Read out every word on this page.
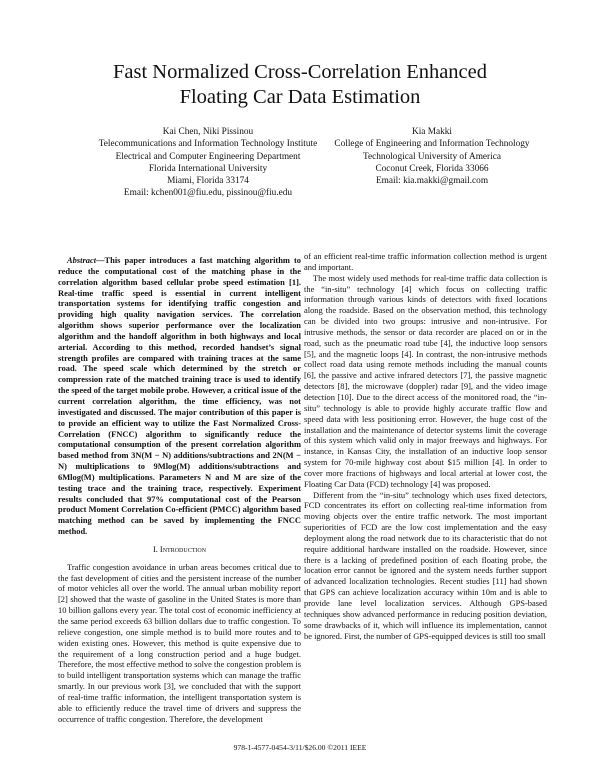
Fast Normalized Cross-Correlation Enhanced
Floating Car Data Estimation
Kai Chen, Niki Pissinou
Telecommunications and Information Technology Institute
Electrical and Computer Engineering Department
Florida International University
Miami, Florida 33174
Email: kchen001@fiu.edu, pissinou@fiu.edu
Kia Makki
College of Engineering and Information Technology
Technological University of America
Coconut Creek, Florida 33066
Email: kia.makki@gmail.com

Abstract—This paper introduces a fast matching algorithm to reduce the computational cost of the matching phase in the correlation algorithm based cellular probe speed estimation [1]. Real-time traffic speed is essential in current intelligent transportation systems for identifying traffic congestion and providing high quality navigation services. The correlation algorithm shows superior performance over the localization algorithm and the handoff algorithm in both highways and local arterial. According to this method, recorded handset’s signal strength profiles are compared with training traces at the same road. The speed scale which determined by the stretch or compression rate of the matched training trace is used to identify the speed of the target mobile probe. However, a critical issue of the current correlation algorithm, the time efficiency, was not investigated and discussed. The major contribution of this paper is to provide an efficient way to utilize the Fast Normalized Cross-Correlation (FNCC) algorithm to significantly reduce the computational consumption of the present correlation algorithm based method from 3N(M − N) additions/subtractions and 2N(M − N) multiplications to 9Mlog(M) additions/subtractions and 6Mlog(M) multiplications. Parameters N and M are size of the testing trace and the training trace, respectively. Experiment results concluded that 97% computational cost of the Pearson product Moment Correlation Co-efficient (PMCC) algorithm based matching method can be saved by implementing the FNCC method.

I. Introduction

Traffic congestion avoidance in urban areas becomes critical due to the fast development of cities and the persistent increase of the number of motor vehicles all over the world. The annual urban mobility report [2] showed that the waste of gasoline in the United States is more than 10 billion gallons every year. The total cost of economic inefficiency at the same period exceeds 63 billion dollars due to traffic congestion. To relieve congestion, one simple method is to build more routes and to widen existing ones. However, this method is quite expensive due to the requirement of a long construction period and a huge budget. Therefore, the most effective method to solve the congestion problem is to build intelligent transportation systems which can manage the traffic smartly. In our previous work [3], we concluded that with the support of real-time traffic information, the intelligent transportation system is able to efficiently reduce the travel time of drivers and suppress the occurrence of traffic congestion. Therefore, the development

of an efficient real-time traffic information collection method is urgent and important.

The most widely used methods for real-time traffic data collection is the “in-situ” technology [4] which focus on collecting traffic information through various kinds of detectors with fixed locations along the roadside. Based on the observation method, this technology can be divided into two groups: intrusive and non-intrusive. For intrusive methods, the sensor or data recorder are placed on or in the road, such as the pneumatic road tube [4], the inductive loop sensors [5], and the magnetic loops [4]. In contrast, the non-intrusive methods collect road data using remote methods including the manual counts [6], the passive and active infrared detectors [7], the passive magnetic detectors [8], the microwave (doppler) radar [9], and the video image detection [10]. Due to the direct access of the monitored road, the “in-situ” technology is able to provide highly accurate traffic flow and speed data with less positioning error. However, the huge cost of the installation and the maintenance of detector systems limit the coverage of this system which valid only in major freeways and highways. For instance, in Kansas City, the installation of an inductive loop sensor system for 70-mile highway cost about $15 million [4]. In order to cover more fractions of highways and local arterial at lower cost, the Floating Car Data (FCD) technology [4] was proposed.

Different from the “in-situ” technology which uses fixed detectors, FCD concentrates its effort on collecting real-time information from moving objects over the entire traffic network. The most important superiorities of FCD are the low cost implementation and the easy deployment along the road network due to its characteristic that do not require additional hardware installed on the roadside. However, since there is a lacking of predefined position of each floating probe, the location error cannot be ignored and the system needs further support of advanced localization technologies. Recent studies [11] had shown that GPS can achieve localization accuracy within 10m and is able to provide lane level localization services. Although GPS-based techniques show advanced performance in reducing position deviation, some drawbacks of it, which will influence its implementation, cannot be ignored. First, the number of GPS-equipped devices is still too small

978-1-4577-0454-3/11/$26.00 ©2011 IEEE
